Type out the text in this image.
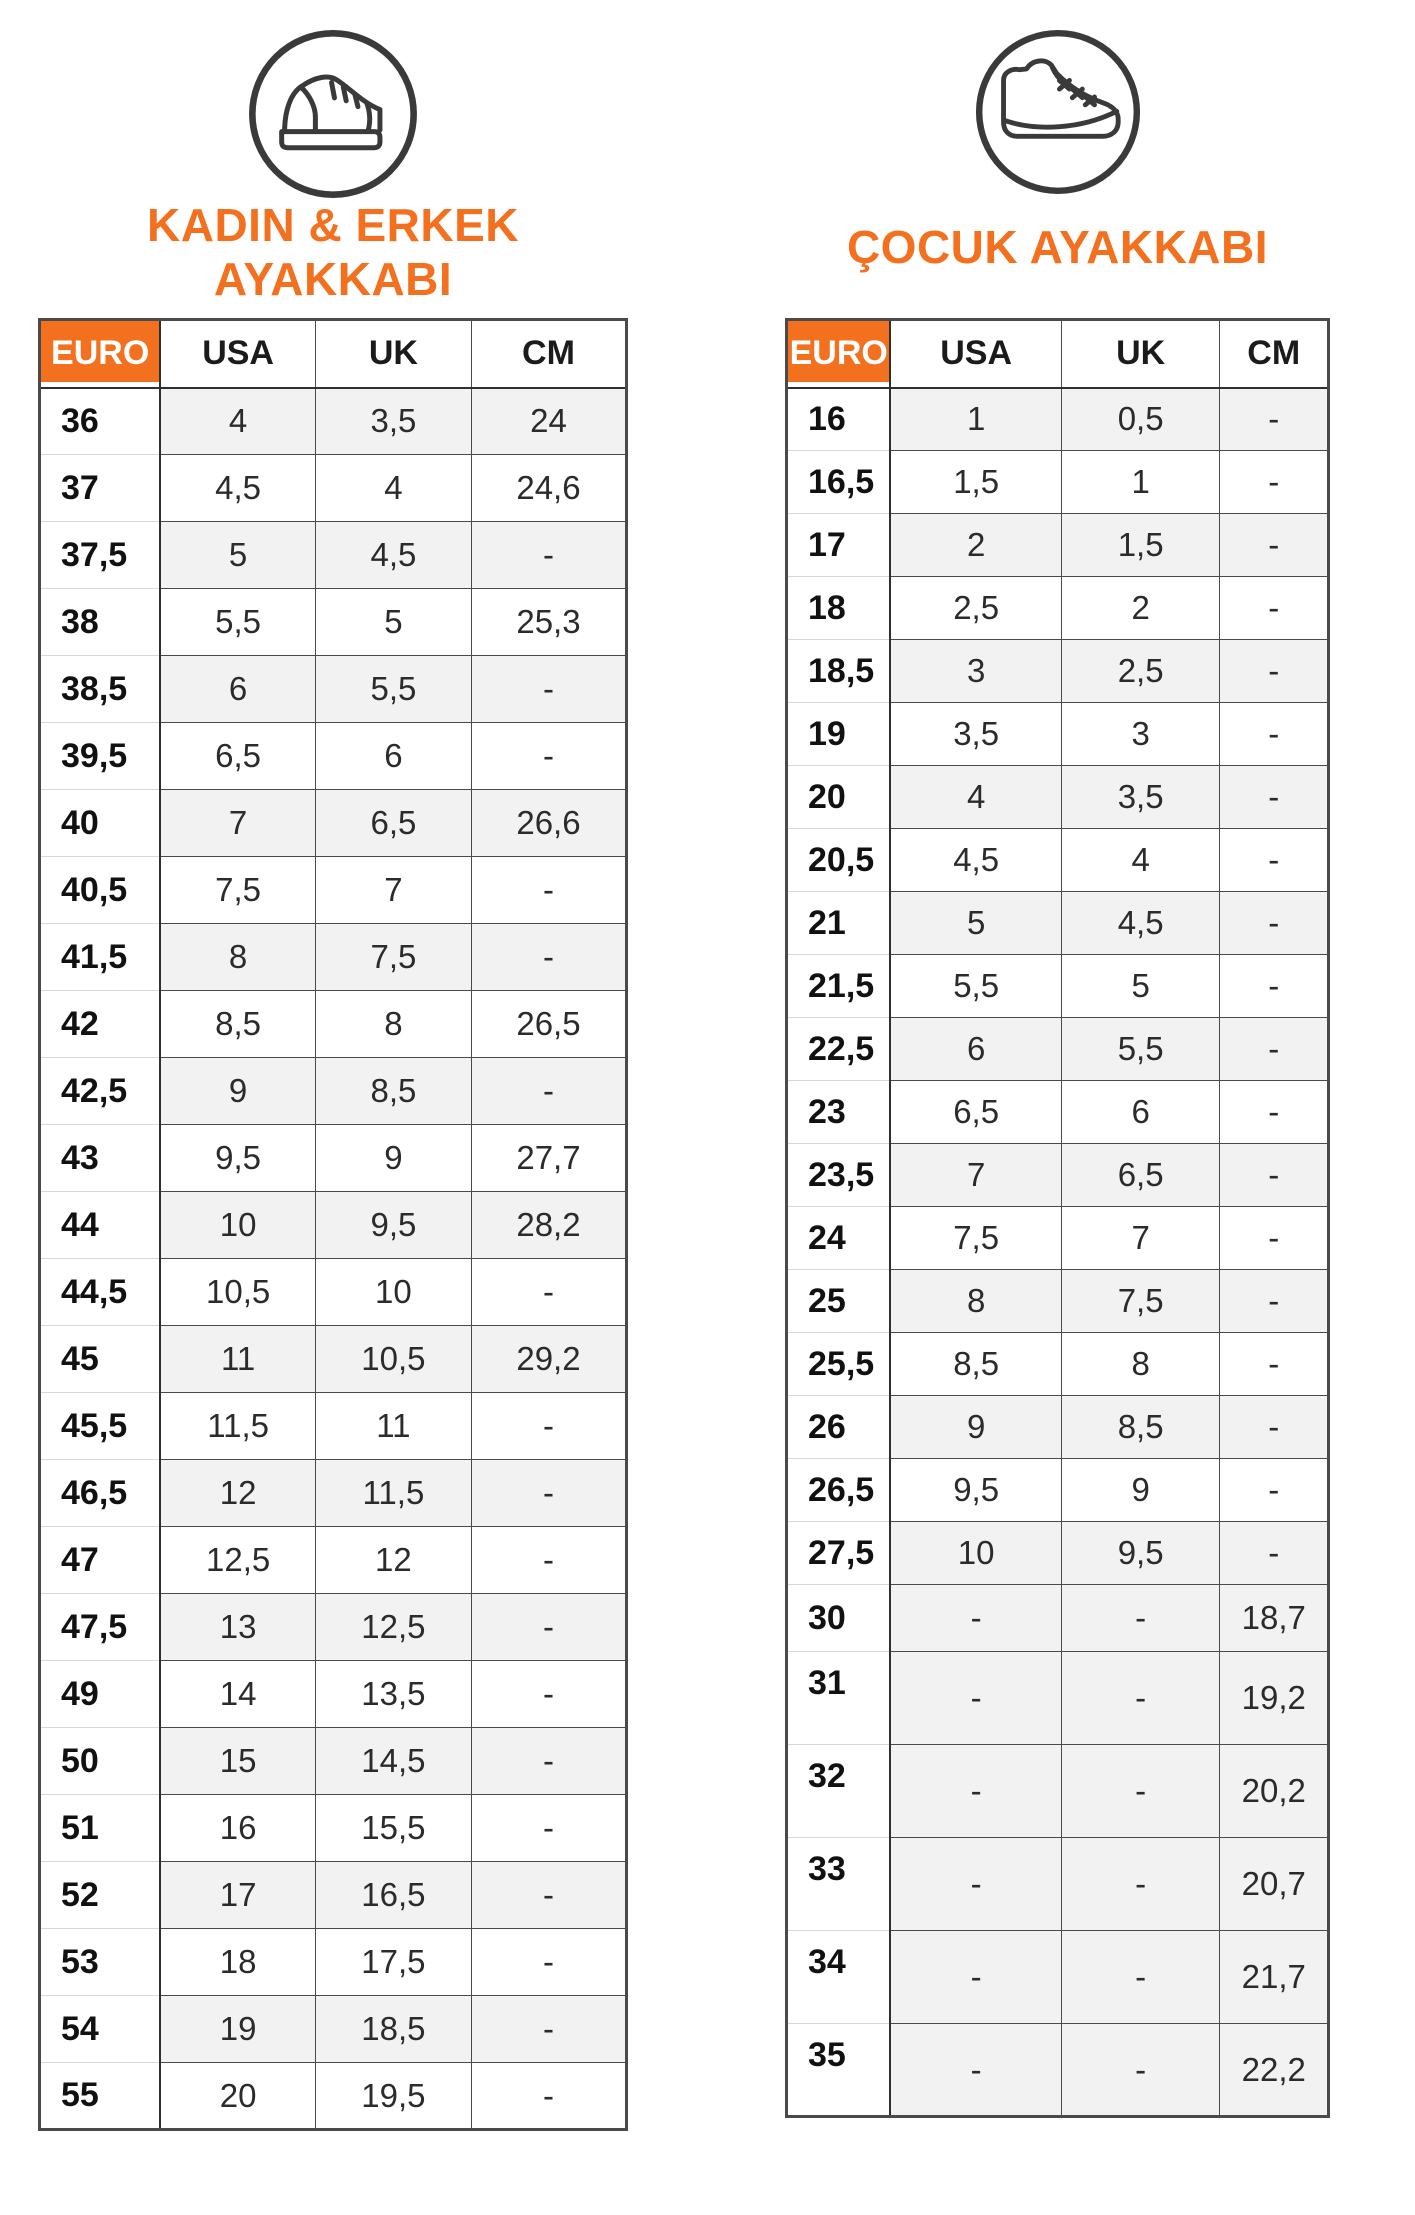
KADIN & ERKEK
AYAKKABI
EURO	USA	UK	CM
36	4	3,5	24
37	4,5	4	24,6
37,5	5	4,5	-
38	5,5	5	25,3
38,5	6	5,5	-
39,5	6,5	6	-
40	7	6,5	26,6
40,5	7,5	7	-
41,5	8	7,5	-
42	8,5	8	26,5
42,5	9	8,5	-
43	9,5	9	27,7
44	10	9,5	28,2
44,5	10,5	10	-
45	11	10,5	29,2
45,5	11,5	11	-
46,5	12	11,5	-
47	12,5	12	-
47,5	13	12,5	-
49	14	13,5	-
50	15	14,5	-
51	16	15,5	-
52	17	16,5	-
53	18	17,5	-
54	19	18,5	-
55	20	19,5	-
ÇOCUK AYAKKABI
EURO	USA	UK	CM
16	1	0,5	-
16,5	1,5	1	-
17	2	1,5	-
18	2,5	2	-
18,5	3	2,5	-
19	3,5	3	-
20	4	3,5	-
20,5	4,5	4	-
21	5	4,5	-
21,5	5,5	5	-
22,5	6	5,5	-
23	6,5	6	-
23,5	7	6,5	-
24	7,5	7	-
25	8	7,5	-
25,5	8,5	8	-
26	9	8,5	-
26,5	9,5	9	-
27,5	10	9,5	-
30	-	-	18,7
31	-	-	19,2
32	-	-	20,2
33	-	-	20,7
34	-	-	21,7
35	-	-	22,2
